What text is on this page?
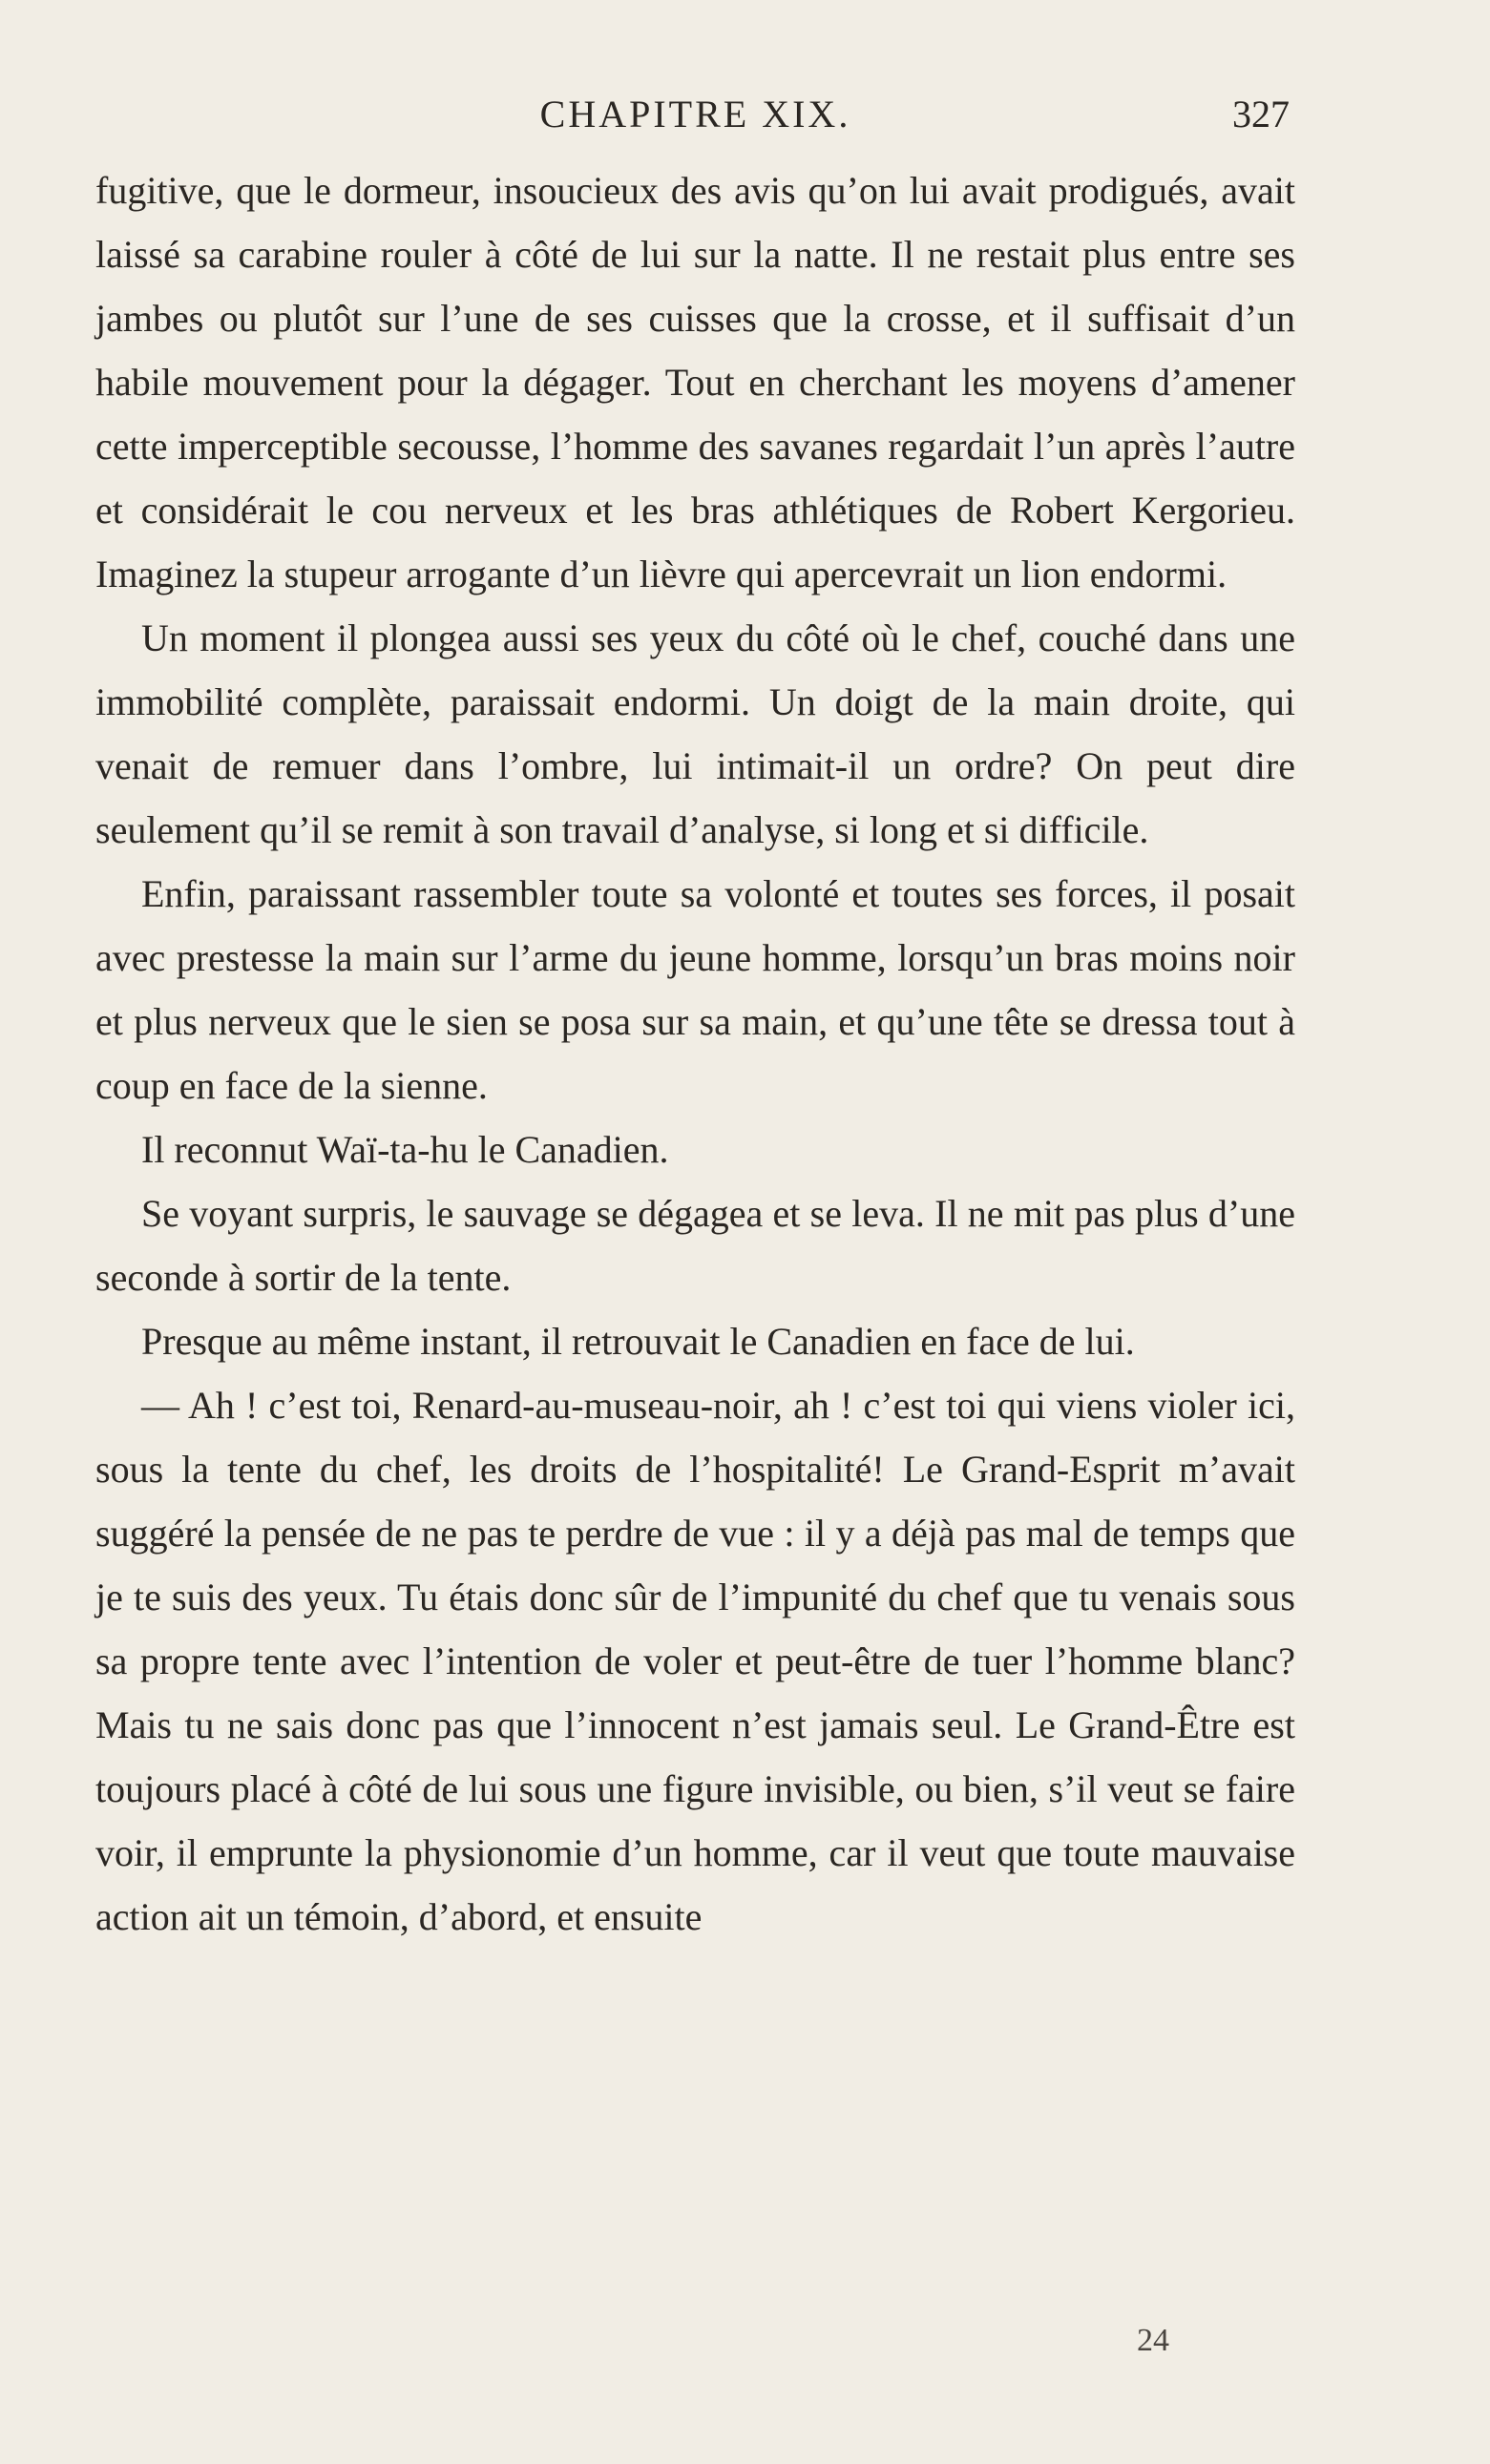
CHAPITRE XIX.	327

fugitive, que le dormeur, insoucieux des avis qu’on lui avait prodigués, avait laissé sa carabine rouler à côté de lui sur la natte. Il ne restait plus entre ses jambes ou plutôt sur l’une de ses cuisses que la crosse, et il suffisait d’un habile mouvement pour la dégager. Tout en cherchant les moyens d’amener cette imperceptible secousse, l’homme des savanes regardait l’un après l’autre et considérait le cou nerveux et les bras athlétiques de Robert Kergorieu. Imaginez la stupeur arrogante d’un lièvre qui apercevrait un lion endormi.

Un moment il plongea aussi ses yeux du côté où le chef, couché dans une immobilité complète, paraissait endormi. Un doigt de la main droite, qui venait de remuer dans l’ombre, lui intimait-il un ordre? On peut dire seulement qu’il se remit à son travail d’analyse, si long et si difficile.

Enfin, paraissant rassembler toute sa volonté et toutes ses forces, il posait avec prestesse la main sur l’arme du jeune homme, lorsqu’un bras moins noir et plus nerveux que le sien se posa sur sa main, et qu’une tête se dressa tout à coup en face de la sienne.

Il reconnut Waï-ta-hu le Canadien.

Se voyant surpris, le sauvage se dégagea et se leva. Il ne mit pas plus d’une seconde à sortir de la tente.

Presque au même instant, il retrouvait le Canadien en face de lui.

— Ah ! c’est toi, Renard-au-museau-noir, ah ! c’est toi qui viens violer ici, sous la tente du chef, les droits de l’hospitalité! Le Grand-Esprit m’avait suggéré la pensée de ne pas te perdre de vue : il y a déjà pas mal de temps que je te suis des yeux. Tu étais donc sûr de l’impunité du chef que tu venais sous sa propre tente avec l’intention de voler et peut-être de tuer l’homme blanc? Mais tu ne sais donc pas que l’innocent n’est jamais seul. Le Grand-Être est toujours placé à côté de lui sous une figure invisible, ou bien, s’il veut se faire voir, il emprunte la physionomie d’un homme, car il veut que toute mauvaise action ait un témoin, d’abord, et ensuite

24
